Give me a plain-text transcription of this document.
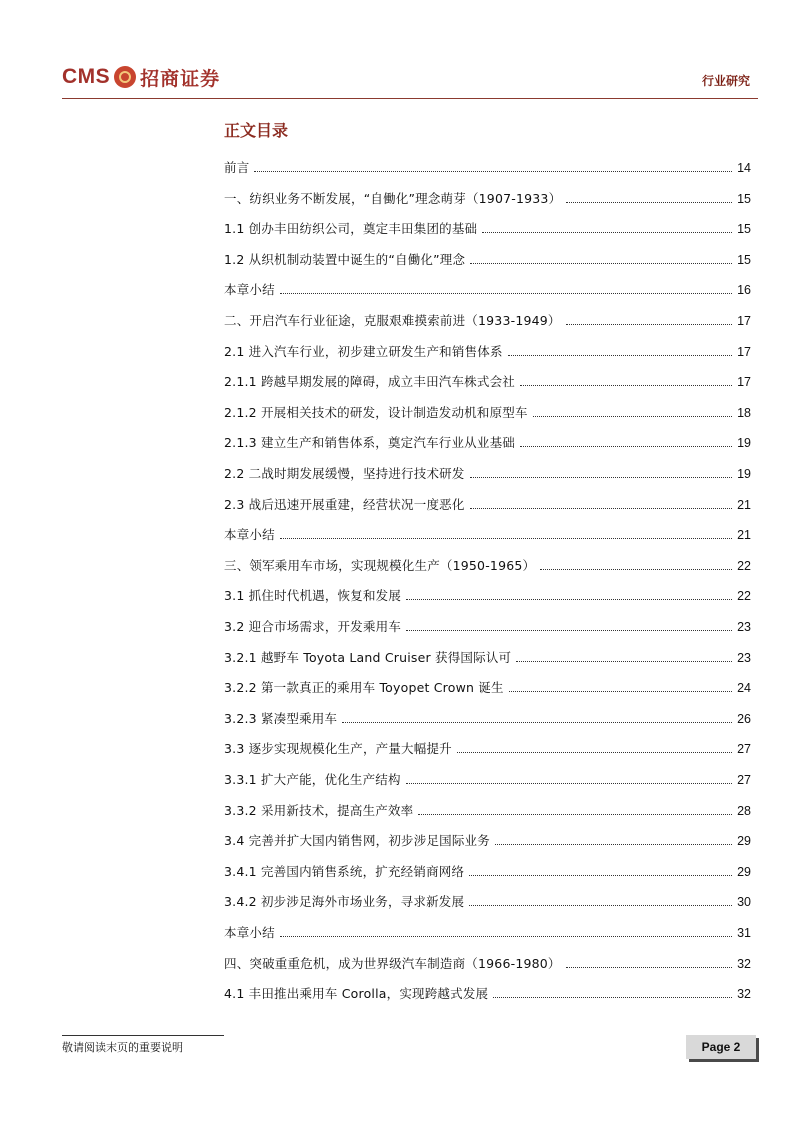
CMS 招商证券	行业研究
正文目录
前言	14
一、纺织业务不断发展，“自働化”理念萌芽（1907-1933）	15
1.1 创办丰田纺织公司，奠定丰田集团的基础	15
1.2 从织机制动装置中诞生的“自働化”理念	15
本章小结	16
二、开启汽车行业征途，克服艰难摸索前进（1933-1949）	17
2.1 进入汽车行业，初步建立研发生产和销售体系	17
2.1.1 跨越早期发展的障碍，成立丰田汽车株式会社	17
2.1.2 开展相关技术的研发，设计制造发动机和原型车	18
2.1.3 建立生产和销售体系，奠定汽车行业从业基础	19
2.2 二战时期发展缓慢，坚持进行技术研发	19
2.3 战后迅速开展重建，经营状况一度恶化	21
本章小结	21
三、领军乘用车市场，实现规模化生产（1950-1965）	22
3.1 抓住时代机遇，恢复和发展	22
3.2 迎合市场需求，开发乘用车	23
3.2.1 越野车 Toyota Land Cruiser 获得国际认可	23
3.2.2 第一款真正的乘用车 Toyopet Crown 诞生	24
3.2.3 紧凑型乘用车	26
3.3 逐步实现规模化生产，产量大幅提升	27
3.3.1 扩大产能，优化生产结构	27
3.3.2 采用新技术，提高生产效率	28
3.4 完善并扩大国内销售网，初步涉足国际业务	29
3.4.1 完善国内销售系统，扩充经销商网络	29
3.4.2 初步涉足海外市场业务，寻求新发展	30
本章小结	31
四、突破重重危机，成为世界级汽车制造商（1966-1980）	32
4.1 丰田推出乘用车 Corolla，实现跨越式发展	32
敬请阅读末页的重要说明	Page 2
